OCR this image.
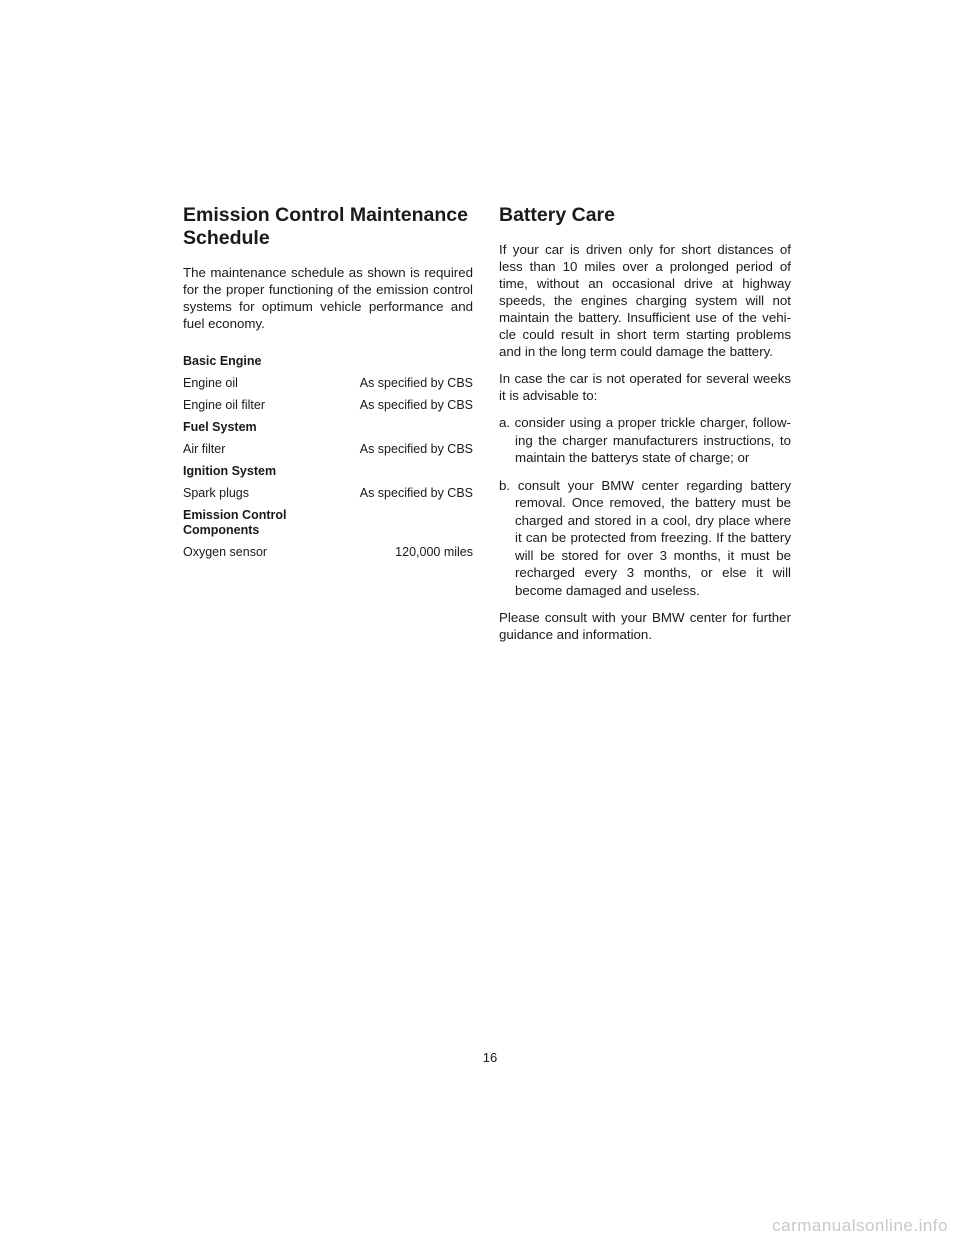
Emission Control Maintenance Schedule

The maintenance schedule as shown is required for the proper functioning of the emission control systems for optimum vehicle performance and fuel economy.

Basic Engine
Engine oil	As specified by CBS
Engine oil filter	As specified by CBS
Fuel System
Air filter	As specified by CBS
Ignition System
Spark plugs	As specified by CBS
Emission Control
Components
Oxygen sensor	120,000 miles
Battery Care

If your car is driven only for short distances of less than 10 miles over a prolonged period of time, without an occasional drive at highway speeds, the engines charging system will not maintain the battery. Insufficient use of the vehi-cle could result in short term starting problems and in the long term could damage the battery.

In case the car is not operated for several weeks it is advisable to:

a. consider using a proper trickle charger, follow-ing the charger manufacturers instructions, to maintain the batterys state of charge; or

b. consult your BMW center regarding battery removal. Once removed, the battery must be charged and stored in a cool, dry place where it can be protected from freezing. If the battery will be stored for over 3 months, it must be recharged every 3 months, or else it will become damaged and useless.

Please consult with your BMW center for further guidance and information.

16
carmanualsonline.info
